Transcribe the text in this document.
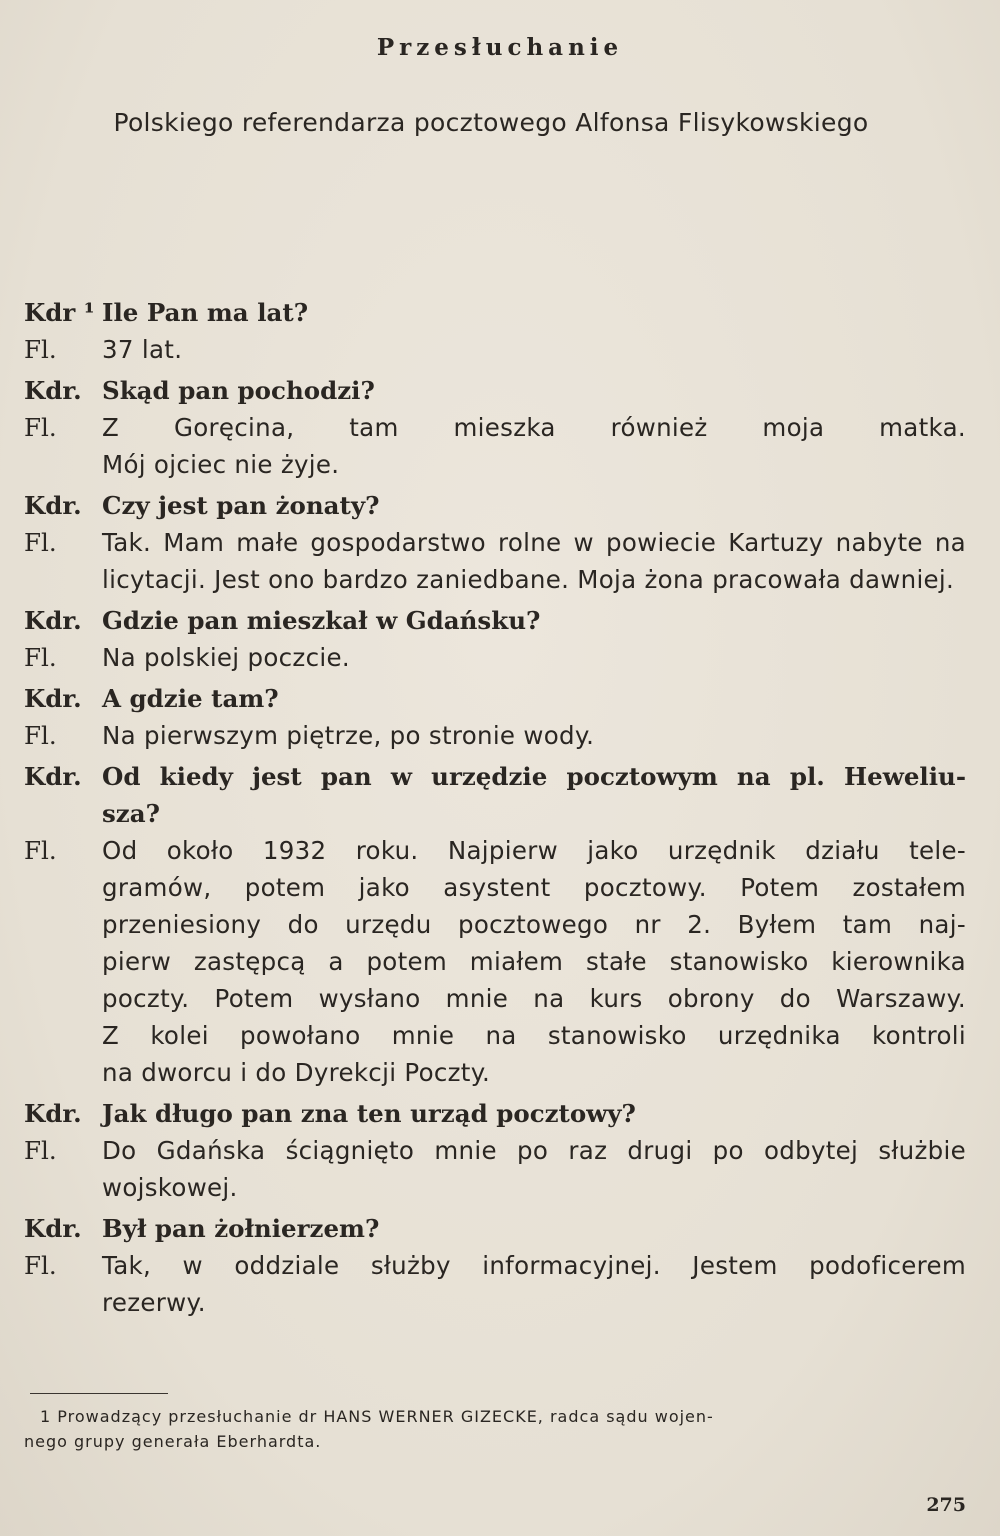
Przesłuchanie
Polskiego referendarza pocztowego Alfonsa Flisykowskiego
Kdr ¹ Ile Pan ma lat?
Fl.	37 lat.
Kdr. Skąd pan pochodzi?
Fl.	Z Goręcina, tam mieszka również moja matka.
Mój ojciec nie żyje.
Kdr. Czy jest pan żonaty?
Fl.	Tak. Mam małe gospodarstwo rolne w powiecie Kartuzy nabyte na licytacji. Jest ono bardzo zaniedbane. Moja żona pracowała dawniej.
Kdr. Gdzie pan mieszkał w Gdańsku?
Fl.	Na polskiej poczcie.
Kdr. A gdzie tam?
Fl.	Na pierwszym piętrze, po stronie wody.
Kdr. Od kiedy jest pan w urzędzie pocztowym na pl. Heweliu-
sza?
Fl.	Od około 1932 roku. Najpierw jako urzędnik działu tele-
gramów, potem jako asystent pocztowy. Potem zostałem
przeniesiony do urzędu pocztowego nr 2. Byłem tam naj-
pierw zastępcą a potem miałem stałe stanowisko kierownika
poczty. Potem wysłano mnie na kurs obrony do Warszawy.
Z kolei powołano mnie na stanowisko urzędnika kontroli
na dworcu i do Dyrekcji Poczty.
Kdr. Jak długo pan zna ten urząd pocztowy?
Fl.	Do Gdańska ściągnięto mnie po raz drugi po odbytej służbie
wojskowej.
Kdr. Był pan żołnierzem?
Fl.	Tak, w oddziale służby informacyjnej. Jestem podoficerem
rezerwy.
1 Prowadzący przesłuchanie dr HANS WERNER GIZECKE, radca sądu wojen-
nego grupy generała Eberhardta.
275
